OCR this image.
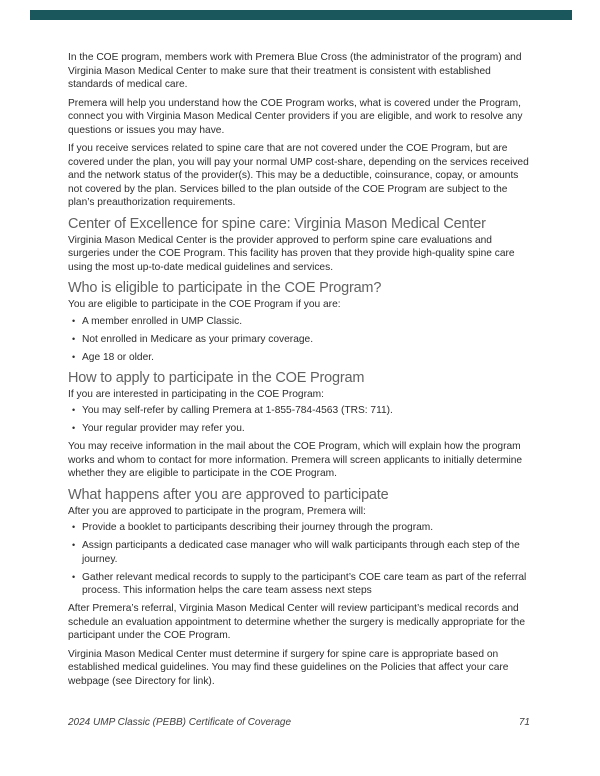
In the COE program, members work with Premera Blue Cross (the administrator of the program) and Virginia Mason Medical Center to make sure that their treatment is consistent with established standards of medical care.

Premera will help you understand how the COE Program works, what is covered under the Program, connect you with Virginia Mason Medical Center providers if you are eligible, and work to resolve any questions or issues you may have.

If you receive services related to spine care that are not covered under the COE Program, but are covered under the plan, you will pay your normal UMP cost-share, depending on the services received and the network status of the provider(s). This may be a deductible, coinsurance, copay, or amounts not covered by the plan. Services billed to the plan outside of the COE Program are subject to the plan’s preauthorization requirements.

Center of Excellence for spine care: Virginia Mason Medical Center

Virginia Mason Medical Center is the provider approved to perform spine care evaluations and surgeries under the COE Program. This facility has proven that they provide high-quality spine care using the most up-to-date medical guidelines and services.

Who is eligible to participate in the COE Program?

You are eligible to participate in the COE Program if you are:

• A member enrolled in UMP Classic.
• Not enrolled in Medicare as your primary coverage.
• Age 18 or older.
How to apply to participate in the COE Program

If you are interested in participating in the COE Program:

• You may self-refer by calling Premera at 1-855-784-4563 (TRS: 711).
• Your regular provider may refer you.

You may receive information in the mail about the COE Program, which will explain how the program works and whom to contact for more information. Premera will screen applicants to initially determine whether they are eligible to participate in the COE Program.

What happens after you are approved to participate

After you are approved to participate in the program, Premera will:

• Provide a booklet to participants describing their journey through the program.
• Assign participants a dedicated case manager who will walk participants through each step of the journey.
• Gather relevant medical records to supply to the participant’s COE care team as part of the referral process. This information helps the care team assess next steps

After Premera’s referral, Virginia Mason Medical Center will review participant’s medical records and schedule an evaluation appointment to determine whether the surgery is medically appropriate for the participant under the COE Program.

Virginia Mason Medical Center must determine if surgery for spine care is appropriate based on established medical guidelines. You may find these guidelines on the Policies that affect your care webpage (see Directory for link).

2024 UMP Classic (PEBB) Certificate of Coverage	71
